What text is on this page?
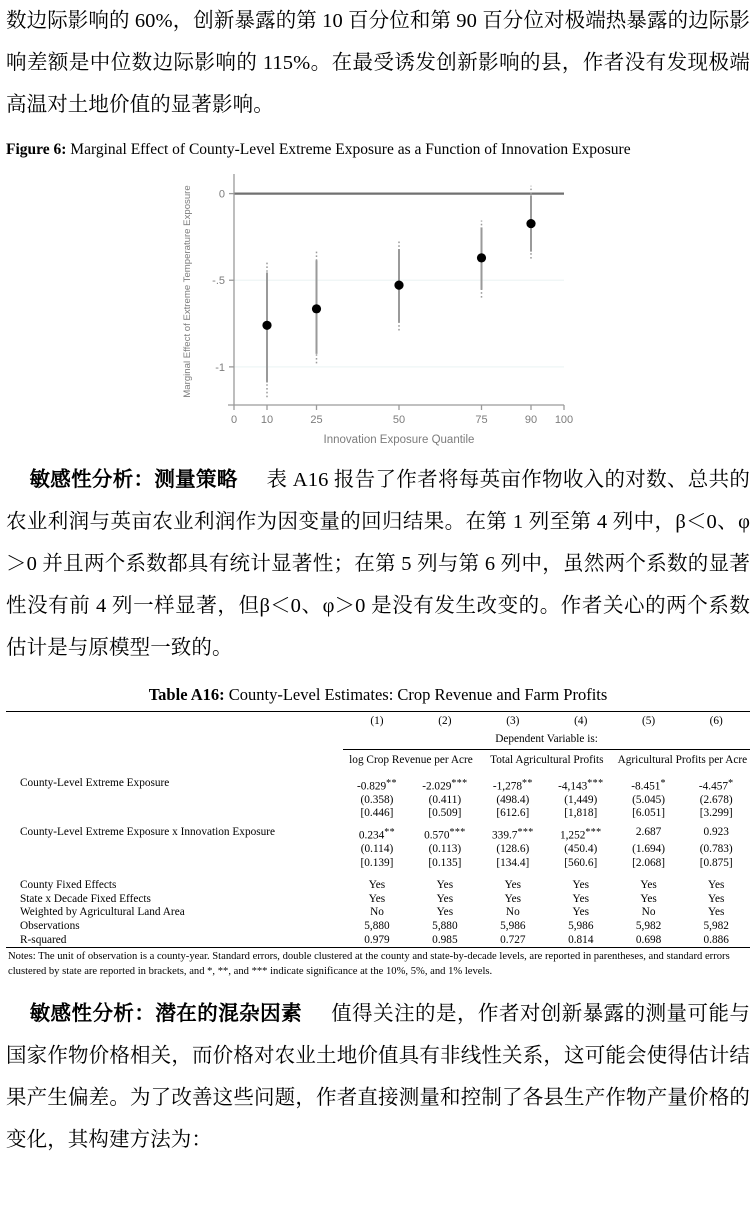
数边际影响的 60%，创新暴露的第 10 百分位和第 90 百分位对极端热暴露的边际影响差额是中位数边际影响的 115%。在最受诱发创新影响的县，作者没有发现极端高温对土地价值的显著影响。

Figure 6: Marginal Effect of County-Level Extreme Exposure as a Function of Innovation Exposure
0
-.5
-1
0 10	25	50	75	90 100
Innovation Exposure Quantile
Marginal Effect of Extreme Temperature Exposure

敏感性分析：测量策略 表 A16 报告了作者将每英亩作物收入的对数、总共的农业利润与英亩农业利润作为因变量的回归结果。在第 1 列至第 4 列中，β＜0、φ＞0 并且两个系数都具有统计显著性；在第 5 列与第 6 列中，虽然两个系数的显著性没有前 4 列一样显著，但β＜0、φ＞0 是没有发生改变的。作者关心的两个系数估计是与原模型一致的。

Table A16: County-Level Estimates: Crop Revenue and Farm Profits
	(1)	(2)	(3)	(4)	(5)	(6)
	Dependent Variable is:					
	log Crop Revenue per Acre		Total Agricultural Profits		Agricultural Profits per Acre	
County-Level Extreme Exposure	-0.829**	-2.029***	-1,278**	-4,143***	-8.451*	-4.457*
	(0.358)	(0.411)	(498.4)	(1,449)	(5.045)	(2.678)
	[0.446]	[0.509]	[612.6]	[1,818]	[6.051]	[3.299]
County-Level Extreme Exposure x Innovation Exposure	0.234**	0.570***	339.7***	1,252***	2.687	0.923
	(0.114)	(0.113)	(128.6)	(450.4)	(1.694)	(0.783)
	[0.139]	[0.135]	[134.4]	[560.6]	[2.068]	[0.875]

County Fixed Effects	Yes	Yes	Yes	Yes	Yes	Yes
State x Decade Fixed Effects	Yes	Yes	Yes	Yes	Yes	Yes
Weighted by Agricultural Land Area	No	Yes	No	Yes	No	Yes
Observations	5,880	5,880	5,986	5,986	5,982	5,982
R-squared	0.979	0.985	0.727	0.814	0.698	0.886
Notes: The unit of observation is a county-year. Standard errors, double clustered at the county and state-by-decade levels, are reported in parentheses, and standard errors clustered by state are reported in brackets, and *, **, and *** indicate significance at the 10%, 5%, and 1% levels.

敏感性分析：潜在的混杂因素 值得关注的是，作者对创新暴露的测量可能与国家作物价格相关，而价格对农业土地价值具有非线性关系，这可能会使得估计结果产生偏差。为了改善这些问题，作者直接测量和控制了各县生产作物产量价格的变化，其构建方法为：
